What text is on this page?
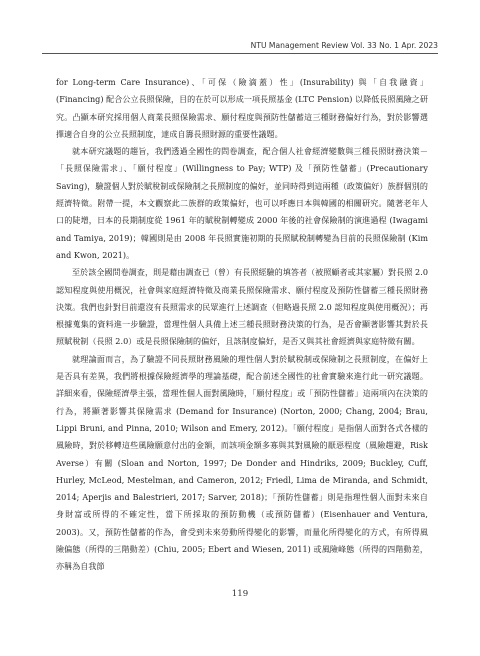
NTU Management Review Vol. 33 No. 1 Apr. 2023

for Long-term Care Insurance)、「可保（險滴蓋）性」(Insurability) 與「自我融資」(Financing) 配合公立長照保險，目的在於可以形成一項長照基金 (LTC Pension) 以降低長照風險之研究。凸顯本研究採用個人商業長照保險需求、願付程度與預防性儲蓄這三種財務偏好行為，對於影響選擇適合自身的公立長照制度，達成自籌長照財源的重要性議題。

就本研究議題的趨旨，我們透過全國性的問卷調查，配合個人社會經濟變數與三種長照財務決策－「長照保險需求」、「願付程度」(Willingness to Pay; WTP) 及「預防性儲蓄」(Precautionary Saving)，驗證個人對於賦稅制或保險制之長照制度的偏好，並同時得到這兩種（政策偏好）族群個別的經濟特徵。附帶一提，本文觀察此二族群的政策偏好，也可以呼應日本與韓國的相關研究。隨著老年人口的陡增，日本的長期制度從 1961 年的賦稅制轉變成 2000 年後的社會保險制的演進過程 (Iwagami and Tamiya, 2019)；韓國則是由 2008 年長照實施初期的長照賦稅制轉變為目前的長照保險制 (Kim and Kwon, 2021)。

至於該全國問卷調查，則是藉由調查已（曾）有長照經驗的填答者（被照顧者或其家屬）對長照 2.0 認知程度與使用概況，社會與家庭經濟特徵及商業長照保險需求、願付程度及預防性儲蓄三種長照財務決策。我們也針對目前還沒有長照需求的民眾進行上述調查（但略過長照 2.0 認知程度與使用概況）；再根據蒐集的資料進一步驗證，當理性個人具備上述三種長照財務決策的行為，是否會顯著影響其對於長照賦稅制（長照 2.0）或是長照保險制的偏好，且該制度偏好，是否又與其社會經濟與家庭特徵有關。

就理論面而言，為了驗證不同長照財務風險的理性個人對於賦稅制或保險制之長照制度，在偏好上是否具有差異，我們將根據保險經濟學的理論基礎，配合前述全國性的社會實驗來進行此一研究議題。詳細來看，保險經濟學主張，當理性個人面對風險時，「願付程度」或「預防性儲蓄」這兩項內在決策的行為，將顯著影響其保險需求 (Demand for Insurance) (Norton, 2000; Chang, 2004; Brau, Lippi Bruni, and Pinna, 2010; Wilson and Emery, 2012)。「願付程度」是指個人面對各式各樣的風險時，對於移轉這些風險願意付出的金額，而該項金額多寡與其對風險的厭惡程度（風險趨避，Risk Averse）有關 (Sloan and Norton, 1997; De Donder and Hindriks, 2009; Buckley, Cuff, Hurley, McLeod, Mestelman, and Cameron, 2012; Friedl, Lima de Miranda, and Schmidt, 2014; Aperjis and Balestrieri, 2017; Sarver, 2018)；「預防性儲蓄」則是指理性個人面對未來自身財富或所得的不確定性，當下所採取的預防動機（或預防儲蓄）(Eisenhauer and Ventura, 2003)。又，預防性儲蓄的作為，會受到未來勞動所得變化的影響，而量化所得變化的方式，有所得風險偏態（所得的三階動差）(Chiu, 2005; Ebert and Wiesen, 2011) 或風險峰態（所得的四階動差，亦稱為自我節

119
